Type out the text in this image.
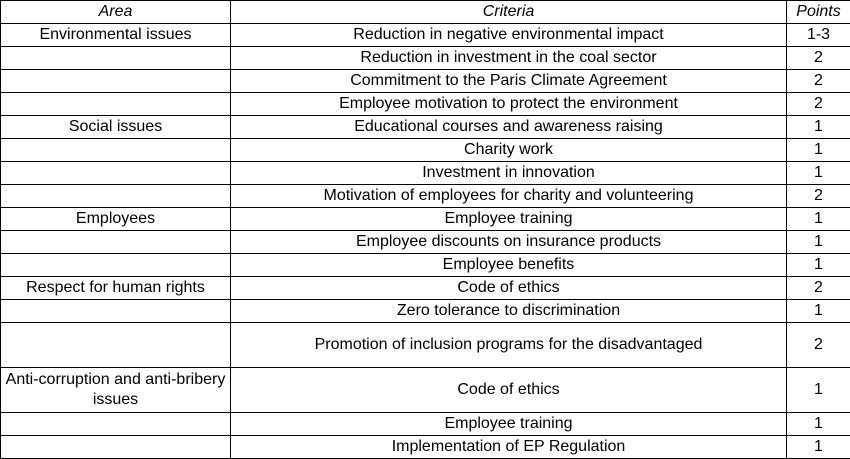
Area	Criteria	Points
Environmental issues	Reduction in negative environmental impact	1-3
	Reduction in investment in the coal sector	2
	Commitment to the Paris Climate Agreement	2
	Employee motivation to protect the environment	2
Social issues	Educational courses and awareness raising	1
	Charity work	1
	Investment in innovation	1
	Motivation of employees for charity and volunteering	2
Employees	Employee training	1
	Employee discounts on insurance products	1
	Employee benefits	1
Respect for human rights	Code of ethics	2
	Zero tolerance to discrimination	1
	Promotion of inclusion programs for the disadvantaged	2
Anti-corruption and anti-bribery issues	Code of ethics	1
	Employee training	1
	Implementation of EP Regulation	1
